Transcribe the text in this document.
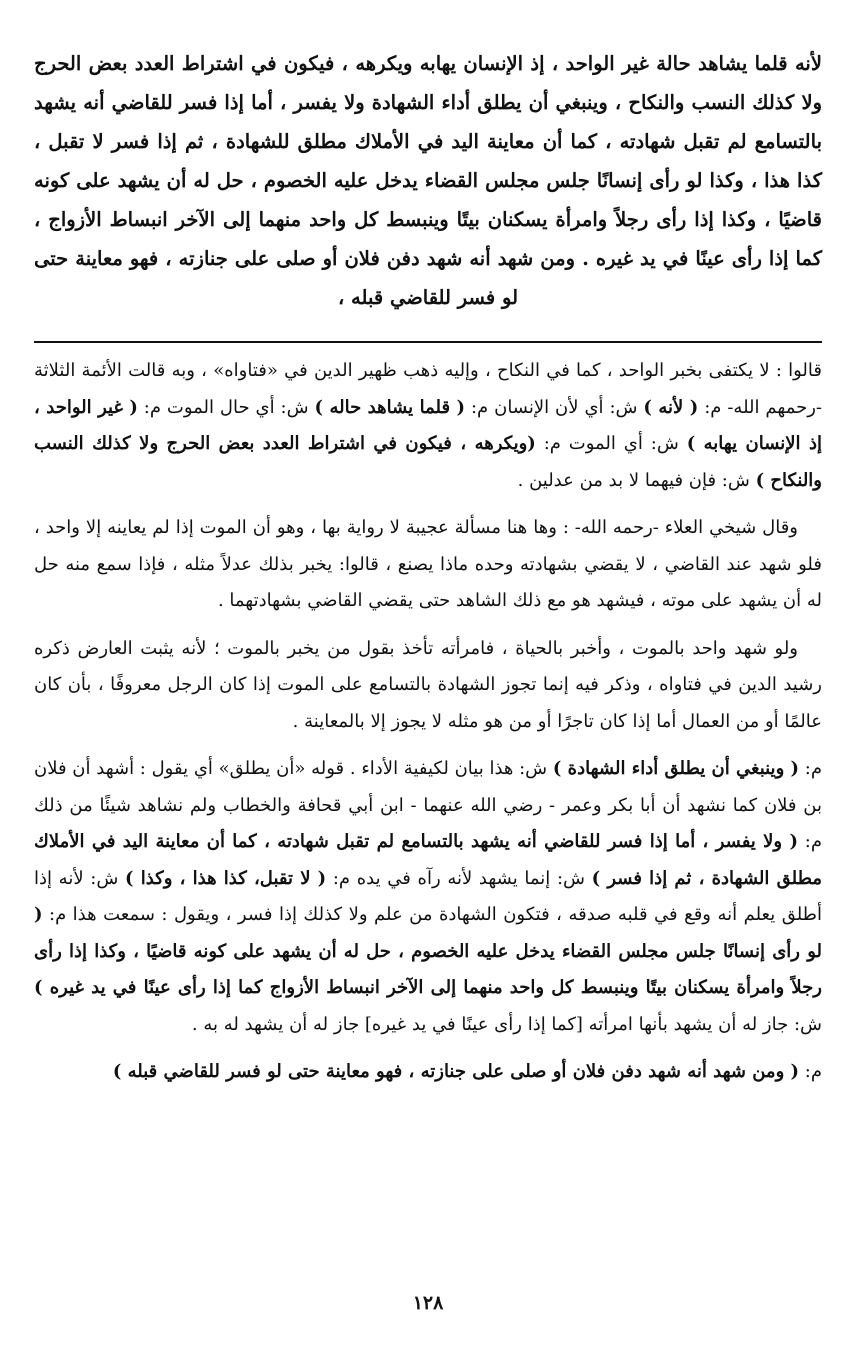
لأنه قلما يشاهد حالة غير الواحد ، إذ الإنسان يهابه ويكرهه ، فيكون في اشتراط العدد بعض الحرج ولا كذلك النسب والنكاح ، وينبغي أن يطلق أداء الشهادة ولا يفسر ، أما إذا فسر للقاضي أنه يشهد بالتسامع لم تقبل شهادته ، كما أن معاينة اليد في الأملاك مطلق للشهادة ، ثم إذا فسر لا تقبل ، كذا هذا ، وكذا لو رأى إنسانًا جلس مجلس القضاء يدخل عليه الخصوم ، حل له أن يشهد على كونه قاضيًا ، وكذا إذا رأى رجلاً وامرأة يسكنان بيتًا وينبسط كل واحد منهما إلى الآخر انبساط الأزواج ، كما إذا رأى عينًا في يد غيره . ومن شهد أنه شهد دفن فلان أو صلى على جنازته ، فهو معاينة حتى لو فسر للقاضي قبله ،

قالوا : لا يكتفى بخبر الواحد ، كما في النكاح ، وإليه ذهب ظهير الدين في «فتاواه» ، وبه قالت الأئمة الثلاثة -رحمهم الله- م: ( لأنه ) ش: أي لأن الإنسان م: ( قلما يشاهد حاله ) ش: أي حال الموت م: ( غير الواحد ، إذ الإنسان يهابه ) ش: أي الموت م: (ويكرهه ، فيكون في اشتراط العدد بعض الحرج ولا كذلك النسب والنكاح ) ش: فإن فيهما لا بد من عدلين .

وقال شيخي العلاء -رحمه الله- : وها هنا مسألة عجيبة لا رواية بها ، وهو أن الموت إذا لم يعاينه إلا واحد ، فلو شهد عند القاضي ، لا يقضي بشهادته وحده ماذا يصنع ، قالوا: يخبر بذلك عدلاً مثله ، فإذا سمع منه حل له أن يشهد على موته ، فيشهد هو مع ذلك الشاهد حتى يقضي القاضي بشهادتهما .

ولو شهد واحد بالموت ، وأخبر بالحياة ، فامرأته تأخذ بقول من يخبر بالموت ؛ لأنه يثبت العارض ذكره رشيد الدين في فتاواه ، وذكر فيه إنما تجوز الشهادة بالتسامع على الموت إذا كان الرجل معروفًا ، بأن كان عالمًا أو من العمال أما إذا كان تاجرًا أو من هو مثله لا يجوز إلا بالمعاينة .

م: ( وينبغي أن يطلق أداء الشهادة ) ش: هذا بيان لكيفية الأداء . قوله «أن يطلق» أي يقول : أشهد أن فلان بن فلان كما نشهد أن أبا بكر وعمر - رضي الله عنهما - ابن أبي قحافة والخطاب ولم نشاهد شيئًا من ذلك م: ( ولا يفسر ، أما إذا فسر للقاضي أنه يشهد بالتسامع لم تقبل شهادته ، كما أن معاينة اليد في الأملاك مطلق الشهادة ، ثم إذا فسر ) ش: إنما يشهد لأنه رآه في يده م: ( لا تقبل، كذا هذا ، وكذا ) ش: لأنه إذا أطلق يعلم أنه وقع في قلبه صدقه ، فتكون الشهادة من علم ولا كذلك إذا فسر ، ويقول : سمعت هذا م: ( لو رأى إنسانًا جلس مجلس القضاء يدخل عليه الخصوم ، حل له أن يشهد على كونه قاضيًا ، وكذا إذا رأى رجلاً وامرأة يسكنان بيتًا وينبسط كل واحد منهما إلى الآخر انبساط الأزواج كما إذا رأى عينًا في يد غيره ) ش: جاز له أن يشهد بأنها امرأته [كما إذا رأى عينًا في يد غيره] جاز له أن يشهد له به .

م: ( ومن شهد أنه شهد دفن فلان أو صلى على جنازته ، فهو معاينة حتى لو فسر للقاضي قبله )

١٢٨
